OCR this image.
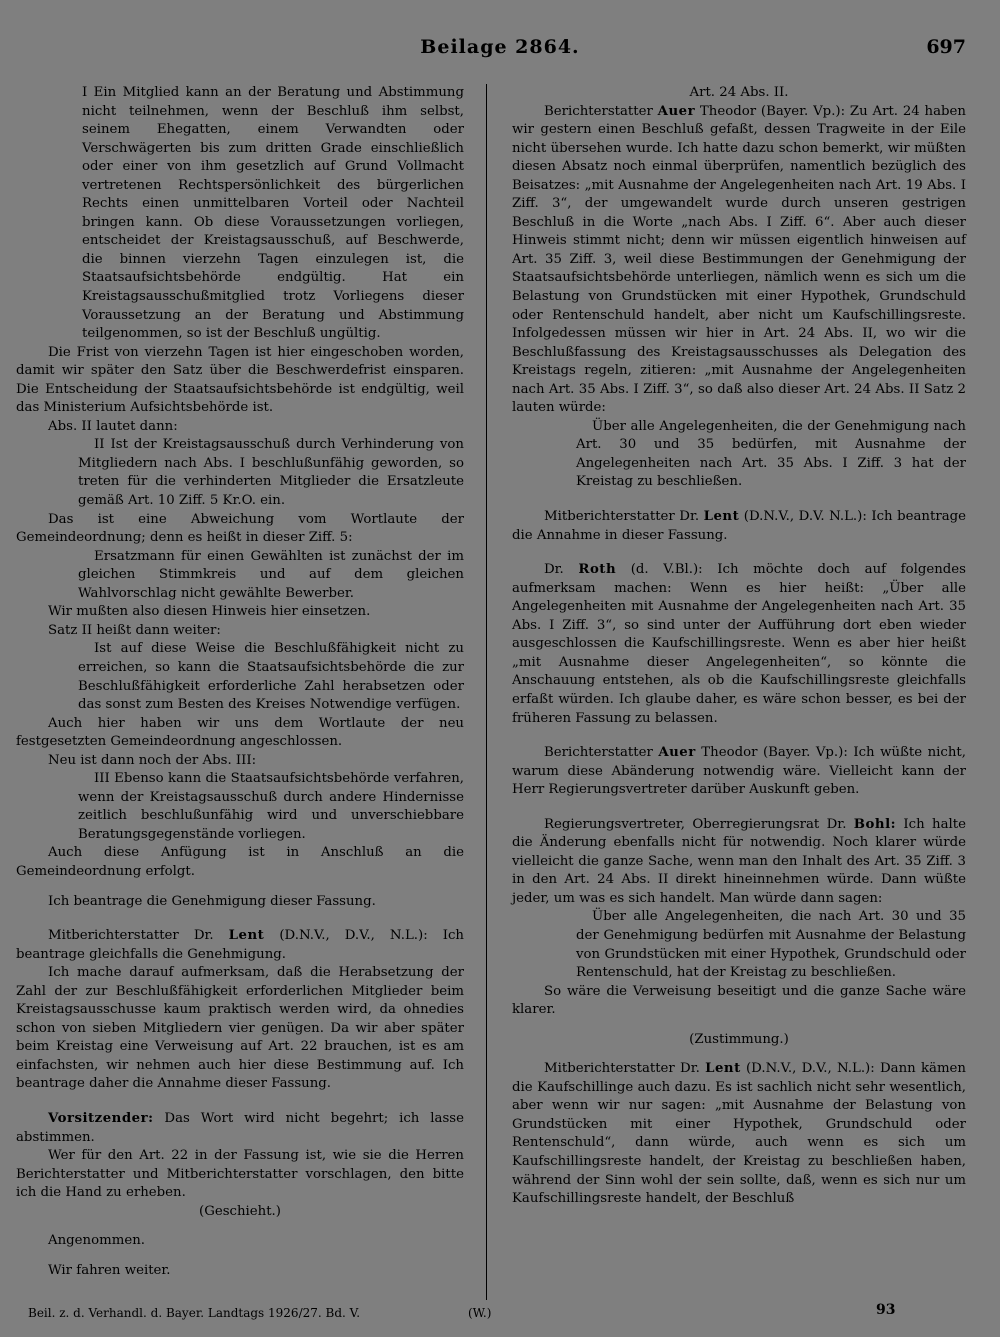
Beilage 2864.	697

I Ein Mitglied kann an der Beratung und Abstimmung nicht teilnehmen, wenn der Beschluß ihm selbst, seinem Ehegatten, einem Verwandten oder Verschwägerten bis zum dritten Grade einschließlich oder einer von ihm gesetzlich auf Grund Vollmacht vertretenen Rechtspersönlichkeit des bürgerlichen Rechts einen unmittelbaren Vorteil oder Nachteil bringen kann. Ob diese Voraussetzungen vorliegen, entscheidet der Kreistagsausschuß, auf Beschwerde, die binnen vierzehn Tagen einzulegen ist, die Staatsaufsichtsbehörde endgültig. Hat ein Kreistagsausschußmitglied trotz Vorliegens dieser Voraussetzung an der Beratung und Abstimmung teilgenommen, so ist der Beschluß ungültig.

Die Frist von vierzehn Tagen ist hier eingeschoben worden, damit wir später den Satz über die Beschwerdefrist einsparen. Die Entscheidung der Staatsaufsichtsbehörde ist endgültig, weil das Ministerium Aufsichtsbehörde ist.

Abs. II lautet dann:

II Ist der Kreistagsausschuß durch Verhinderung von Mitgliedern nach Abs. I beschlußunfähig geworden, so treten für die verhinderten Mitglieder die Ersatzleute gemäß Art. 10 Ziff. 5 Kr.O. ein.

Das ist eine Abweichung vom Wortlaute der Gemeindeordnung; denn es heißt in dieser Ziff. 5:

Ersatzmann für einen Gewählten ist zunächst der im gleichen Stimmkreis und auf dem gleichen Wahlvorschlag nicht gewählte Bewerber.

Wir mußten also diesen Hinweis hier einsetzen.

Satz II heißt dann weiter:

Ist auf diese Weise die Beschlußfähigkeit nicht zu erreichen, so kann die Staatsaufsichtsbehörde die zur Beschlußfähigkeit erforderliche Zahl herabsetzen oder das sonst zum Besten des Kreises Notwendige verfügen.

Auch hier haben wir uns dem Wortlaute der neu festgesetzten Gemeindeordnung angeschlossen.

Neu ist dann noch der Abs. III:

III Ebenso kann die Staatsaufsichtsbehörde verfahren, wenn der Kreistagsausschuß durch andere Hindernisse zeitlich beschlußunfähig wird und unverschiebbare Beratungsgegenstände vorliegen.

Auch diese Anfügung ist in Anschluß an die Gemeindeordnung erfolgt.

Ich beantrage die Genehmigung dieser Fassung.

Mitberichterstatter Dr. Lent (D.N.V., D.V., N.L.): Ich beantrage gleichfalls die Genehmigung.

Ich mache darauf aufmerksam, daß die Herabsetzung der Zahl der zur Beschlußfähigkeit erforderlichen Mitglieder beim Kreistagsausschusse kaum praktisch werden wird, da ohnedies schon von sieben Mitgliedern vier genügen. Da wir aber später beim Kreistag eine Verweisung auf Art. 22 brauchen, ist es am einfachsten, wir nehmen auch hier diese Bestimmung auf. Ich beantrage daher die Annahme dieser Fassung.

Vorsitzender: Das Wort wird nicht begehrt; ich lasse abstimmen.

Wer für den Art. 22 in der Fassung ist, wie sie die Herren Berichterstatter und Mitberichterstatter vorschlagen, den bitte ich die Hand zu erheben.

(Geschieht.)

Angenommen.

Wir fahren weiter.

Art. 24 Abs. II.

Berichterstatter Auer Theodor (Bayer. Vp.): Zu Art. 24 haben wir gestern einen Beschluß gefaßt, dessen Tragweite in der Eile nicht übersehen wurde. Ich hatte dazu schon bemerkt, wir müßten diesen Absatz noch einmal überprüfen, namentlich bezüglich des Beisatzes: „mit Ausnahme der Angelegenheiten nach Art. 19 Abs. I Ziff. 3“, der umgewandelt wurde durch unseren gestrigen Beschluß in die Worte „nach Abs. I Ziff. 6“. Aber auch dieser Hinweis stimmt nicht; denn wir müssen eigentlich hinweisen auf Art. 35 Ziff. 3, weil diese Bestimmungen der Genehmigung der Staatsaufsichtsbehörde unterliegen, nämlich wenn es sich um die Belastung von Grundstücken mit einer Hypothek, Grundschuld oder Rentenschuld handelt, aber nicht um Kaufschillingsreste. Infolgedessen müssen wir hier in Art. 24 Abs. II, wo wir die Beschlußfassung des Kreistagsausschusses als Delegation des Kreistags regeln, zitieren: „mit Ausnahme der Angelegenheiten nach Art. 35 Abs. I Ziff. 3“, so daß also dieser Art. 24 Abs. II Satz 2 lauten würde:

Über alle Angelegenheiten, die der Genehmigung nach Art. 30 und 35 bedürfen, mit Ausnahme der Angelegenheiten nach Art. 35 Abs. I Ziff. 3 hat der Kreistag zu beschließen.

Mitberichterstatter Dr. Lent (D.N.V., D.V. N.L.): Ich beantrage die Annahme in dieser Fassung.

Dr. Roth (d. V.Bl.): Ich möchte doch auf folgendes aufmerksam machen: Wenn es hier heißt: „Über alle Angelegenheiten mit Ausnahme der Angelegenheiten nach Art. 35 Abs. I Ziff. 3“, so sind unter der Aufführung dort eben wieder ausgeschlossen die Kaufschillingsreste. Wenn es aber hier heißt „mit Ausnahme dieser Angelegenheiten“, so könnte die Anschauung entstehen, als ob die Kaufschillingsreste gleichfalls erfaßt würden. Ich glaube daher, es wäre schon besser, es bei der früheren Fassung zu belassen.

Berichterstatter Auer Theodor (Bayer. Vp.): Ich wüßte nicht, warum diese Abänderung notwendig wäre. Vielleicht kann der Herr Regierungsvertreter darüber Auskunft geben.

Regierungsvertreter, Oberregierungsrat Dr. Bohl: Ich halte die Änderung ebenfalls nicht für notwendig. Noch klarer würde vielleicht die ganze Sache, wenn man den Inhalt des Art. 35 Ziff. 3 in den Art. 24 Abs. II direkt hineinnehmen würde. Dann wüßte jeder, um was es sich handelt. Man würde dann sagen:

Über alle Angelegenheiten, die nach Art. 30 und 35 der Genehmigung bedürfen mit Ausnahme der Belastung von Grundstücken mit einer Hypothek, Grundschuld oder Rentenschuld, hat der Kreistag zu beschließen.

So wäre die Verweisung beseitigt und die ganze Sache wäre klarer.

(Zustimmung.)

Mitberichterstatter Dr. Lent (D.N.V., D.V., N.L.): Dann kämen die Kaufschillinge auch dazu. Es ist sachlich nicht sehr wesentlich, aber wenn wir nur sagen: „mit Ausnahme der Belastung von Grundstücken mit einer Hypothek, Grundschuld oder Rentenschuld“, dann würde, auch wenn es sich um Kaufschillingsreste handelt, der Kreistag zu beschließen haben, während der Sinn wohl der sein sollte, daß, wenn es sich nur um Kaufschillingsreste handelt, der Beschluß

Beil. z. d. Verhandl. d. Bayer. Landtags 1926/27. Bd. V.	(W.)	93
